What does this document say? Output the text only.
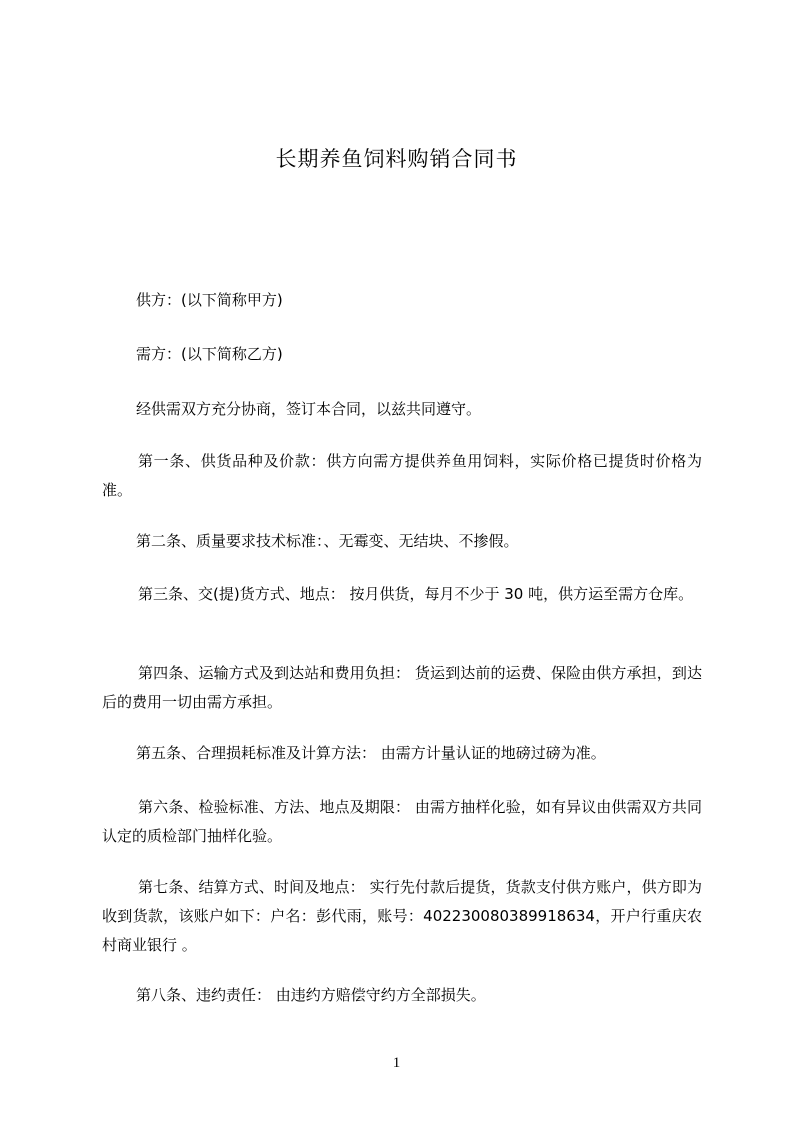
长期养鱼饲料购销合同书

供方：(以下简称甲方)

需方：(以下简称乙方)

经供需双方充分协商，签订本合同，以兹共同遵守。

第一条、供货品种及价款：供方向需方提供养鱼用饲料，实际价格已提货时价格为准。

第二条、质量要求技术标准：、无霉变、无结块、不掺假。

第三条、交(提)货方式、地点： 按月供货，每月不少于 30 吨，供方运至需方仓库。

第四条、运输方式及到达站和费用负担： 货运到达前的运费、保险由供方承担，到达后的费用一切由需方承担。

第五条、合理损耗标准及计算方法： 由需方计量认证的地磅过磅为准。

第六条、检验标准、方法、地点及期限： 由需方抽样化验，如有异议由供需双方共同认定的质检部门抽样化验。

第七条、结算方式、时间及地点： 实行先付款后提货，货款支付供方账户，供方即为收到货款，该账户如下：户名：彭代雨，账号：402230080389918634，开户行重庆农村商业银行 。

第八条、违约责任： 由违约方赔偿守约方全部损失。

1
